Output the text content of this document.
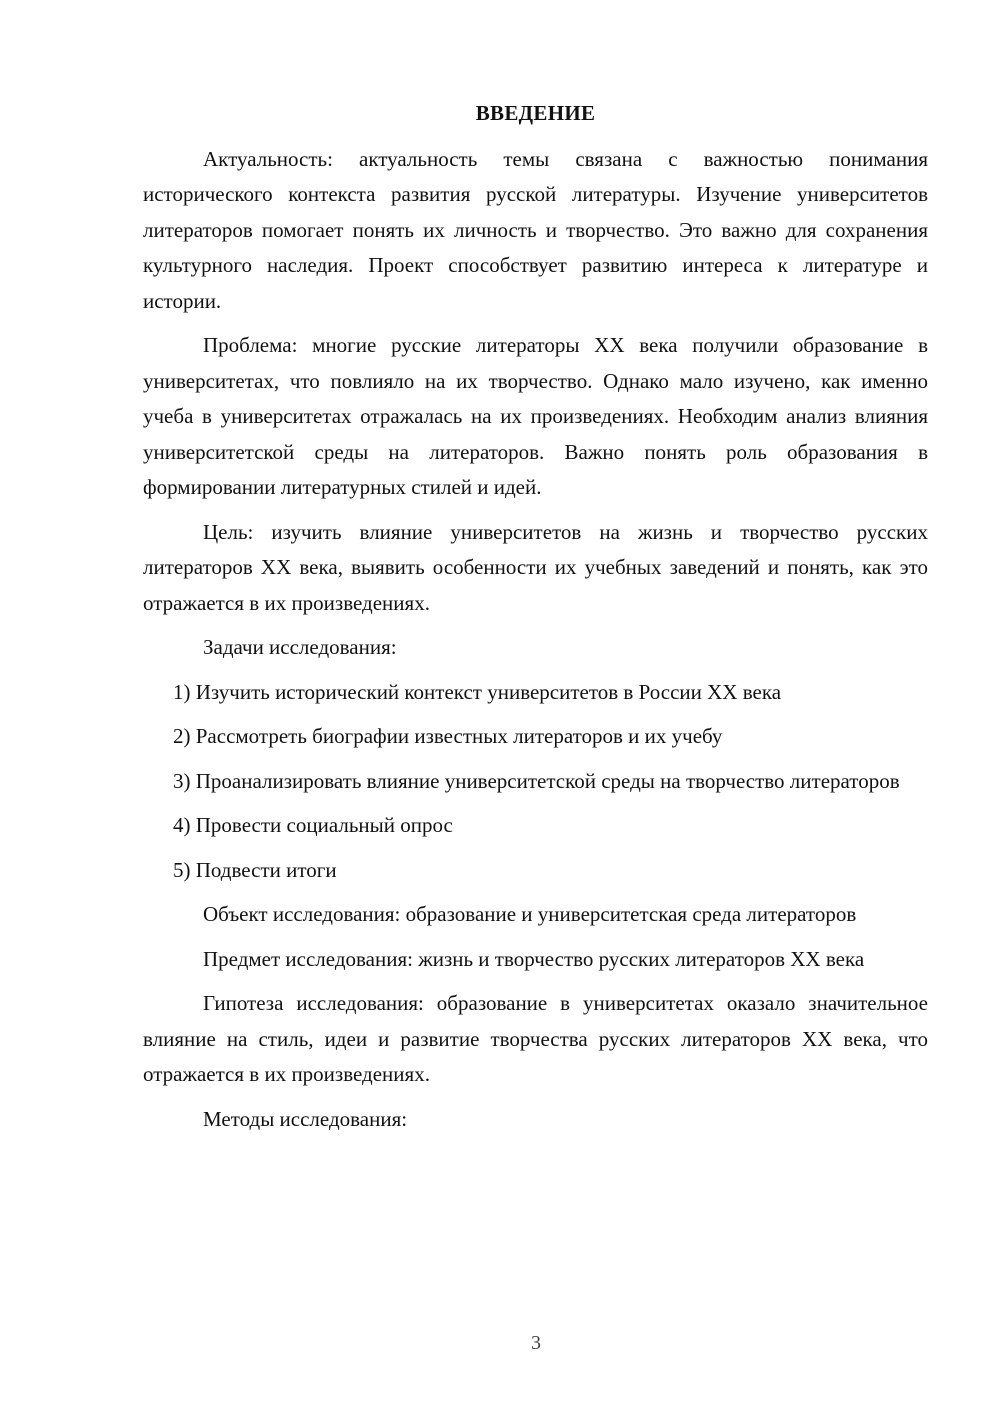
ВВЕДЕНИЕ

Актуальность: актуальность темы связана с важностью понимания исторического контекста развития русской литературы. Изучение университетов литераторов помогает понять их личность и творчество. Это важно для сохранения культурного наследия. Проект способствует развитию интереса к литературе и истории.

Проблема: многие русские литераторы XX века получили образование в университетах, что повлияло на их творчество. Однако мало изучено, как именно учеба в университетах отражалась на их произведениях. Необходим анализ влияния университетской среды на литераторов. Важно понять роль образования в формировании литературных стилей и идей.

Цель: изучить влияние университетов на жизнь и творчество русских литераторов XX века, выявить особенности их учебных заведений и понять, как это отражается в их произведениях.

Задачи исследования:

1) Изучить исторический контекст университетов в России XX века

2) Рассмотреть биографии известных литераторов и их учебу

3) Проанализировать влияние университетской среды на творчество литераторов

4) Провести социальный опрос

5) Подвести итоги

Объект исследования: образование и университетская среда литераторов

Предмет исследования: жизнь и творчество русских литераторов XX века

Гипотеза исследования: образование в университетах оказало значительное влияние на стиль, идеи и развитие творчества русских литераторов XX века, что отражается в их произведениях.

Методы исследования:

3
